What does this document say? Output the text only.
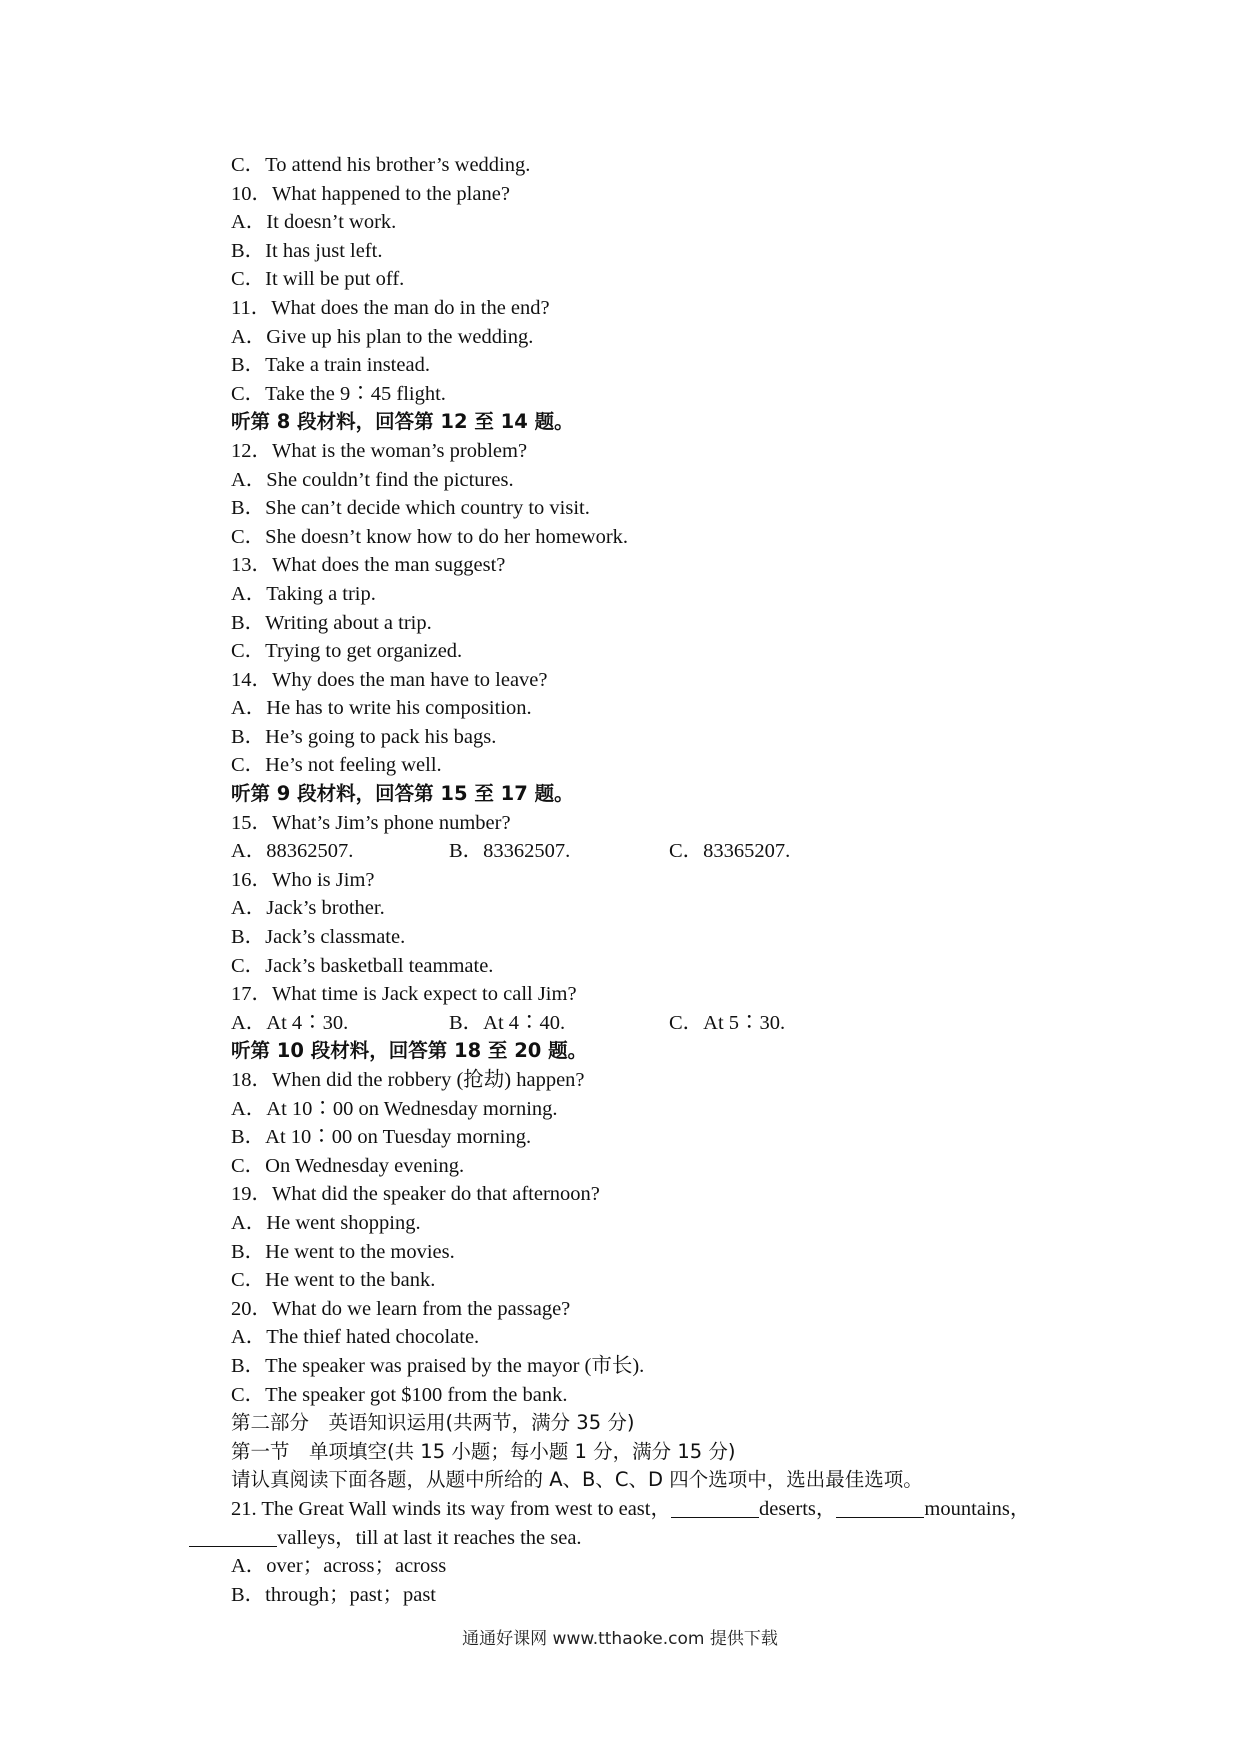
C．To attend his brother’s wedding.
10．What happened to the plane?
A．It doesn’t work.
B．It has just left.
C．It will be put off.
11．What does the man do in the end?
A．Give up his plan to the wedding.
B．Take a train instead.
C．Take the 9∶45 flight.
听第 8 段材料，回答第 12 至 14 题。
12．What is the woman’s problem?
A．She couldn’t find the pictures.
B．She can’t decide which country to visit.
C．She doesn’t know how to do her homework.
13．What does the man suggest?
A．Taking a trip.
B．Writing about a trip.
C．Trying to get organized.
14．Why does the man have to leave?
A．He has to write his composition.
B．He’s going to pack his bags.
C．He’s not feeling well.
听第 9 段材料，回答第 15 至 17 题。
15．What’s Jim’s phone number?
A．88362507.	B．83362507.	C．83365207.
16．Who is Jim?
A．Jack’s brother.
B．Jack’s classmate.
C．Jack’s basketball teammate.
17．What time is Jack expect to call Jim?
A．At 4∶30.	B．At 4∶40.	C．At 5∶30.
听第 10 段材料，回答第 18 至 20 题。
18．When did the robbery (抢劫) happen?
A．At 10∶00 on Wednesday morning.
B．At 10∶00 on Tuesday morning.
C．On Wednesday evening.
19．What did the speaker do that afternoon?
A．He went shopping.
B．He went to the movies.
C．He went to the bank.
20．What do we learn from the passage?
A．The thief hated chocolate.
B．The speaker was praised by the mayor (市长).
C．The speaker got $100 from the bank.
第二部分　英语知识运用(共两节，满分 35 分)
第一节　单项填空(共 15 小题；每小题 1 分，满分 15 分)
请认真阅读下面各题，从题中所给的 A、B、C、D 四个选项中，选出最佳选项。
21. The Great Wall winds its way from west to east，	deserts，	mountains，
valleys，till at last it reaches the sea.
A．over；across；across
B．through；past；past
通通好课网 www.tthaoke.com 提供下载
